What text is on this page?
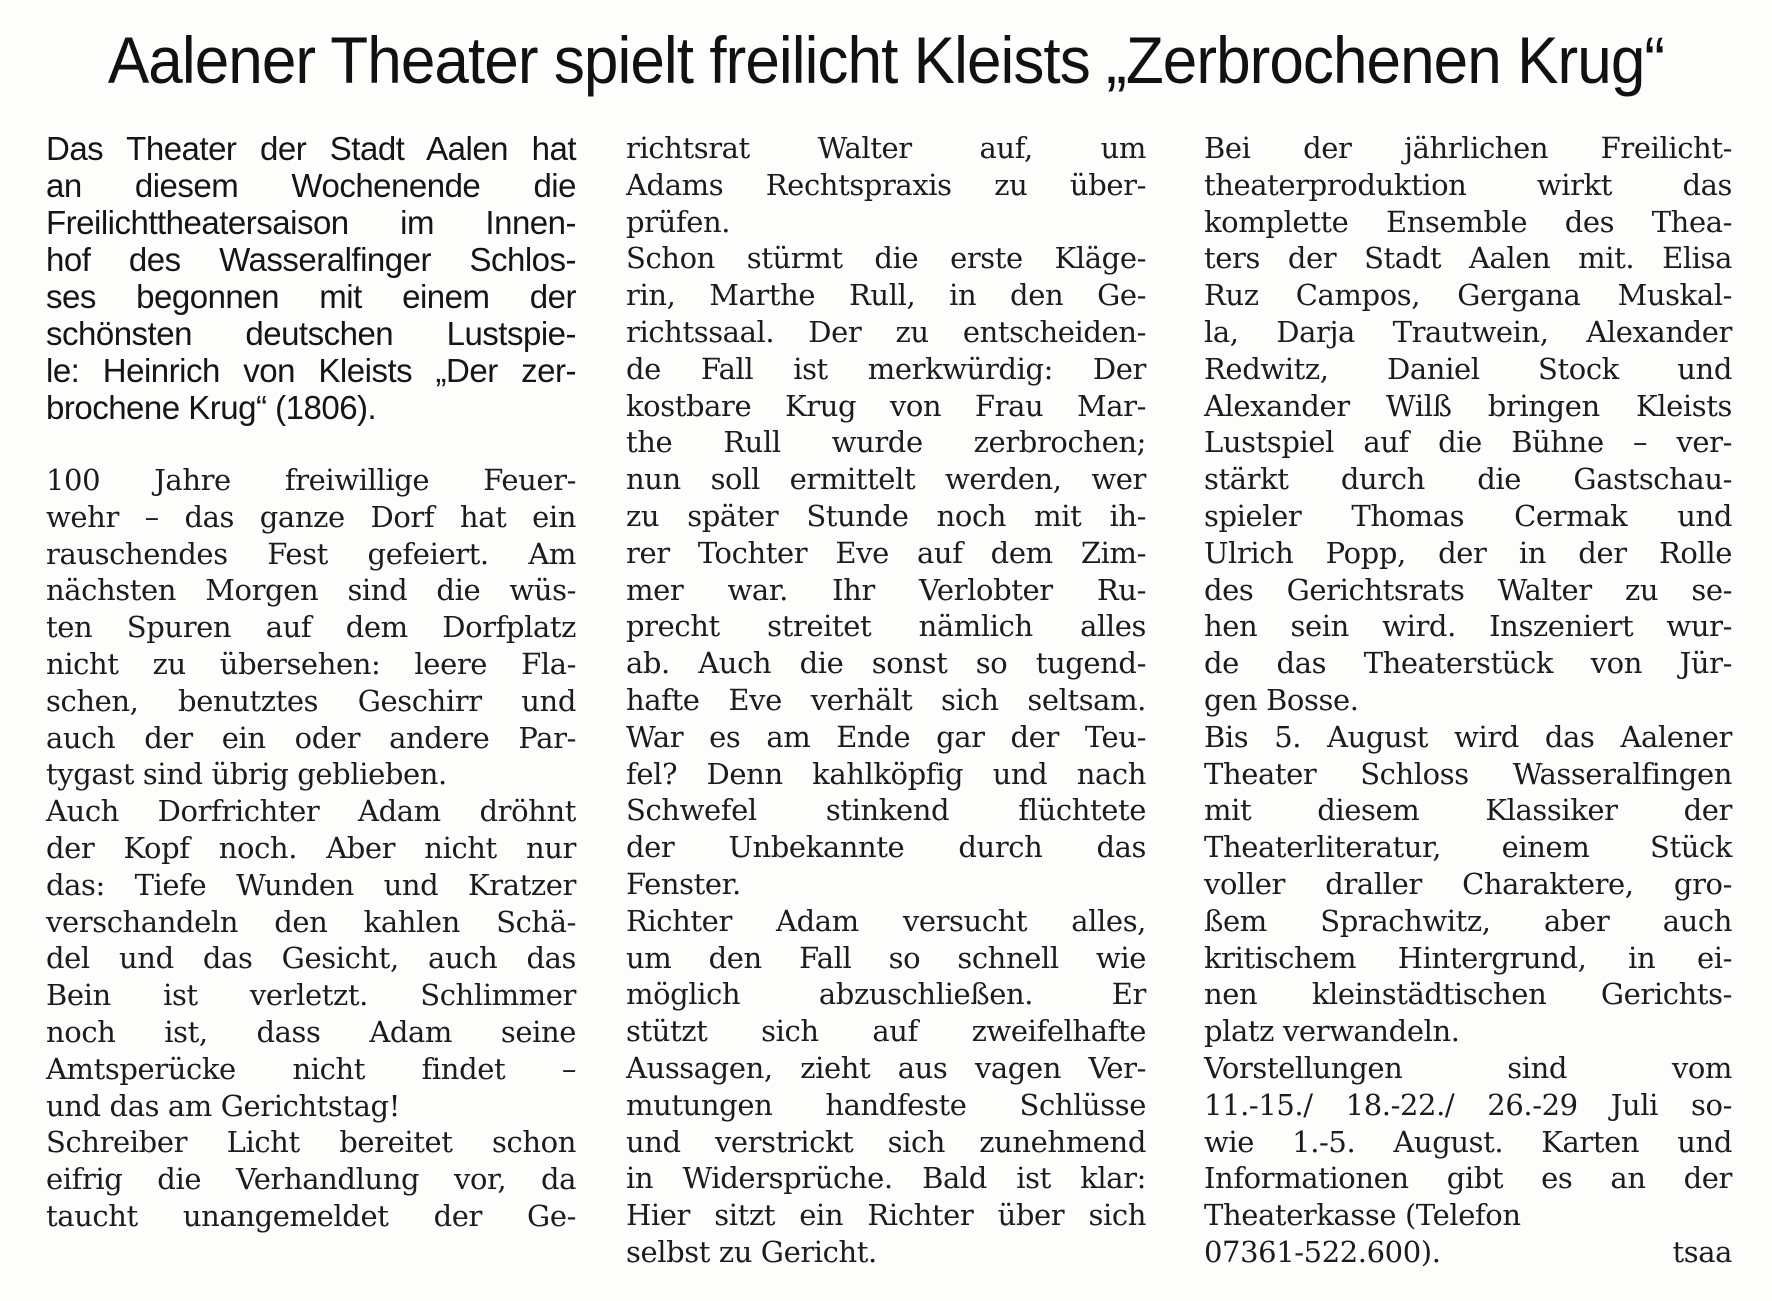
Aalener Theater spielt freilicht Kleists „Zerbrochenen Krug“
Das Theater der Stadt Aalen hat
an diesem Wochenende die
Freilichttheatersaison im Innen-
hof des Wasseralfinger Schlos-
ses begonnen mit einem der
schönsten deutschen Lustspie-
le: Heinrich von Kleists „Der zer-
brochene Krug“ (1806).
100 Jahre freiwillige Feuer-
wehr – das ganze Dorf hat ein
rauschendes Fest gefeiert. Am
nächsten Morgen sind die wüs-
ten Spuren auf dem Dorfplatz
nicht zu übersehen: leere Fla-
schen, benutztes Geschirr und
auch der ein oder andere Par-
tygast sind übrig geblieben.
Auch Dorfrichter Adam dröhnt
der Kopf noch. Aber nicht nur
das: Tiefe Wunden und Kratzer
verschandeln den kahlen Schä-
del und das Gesicht, auch das
Bein ist verletzt. Schlimmer
noch ist, dass Adam seine
Amtsperücke nicht findet –
und das am Gerichtstag!
Schreiber Licht bereitet schon
eifrig die Verhandlung vor, da
taucht unangemeldet der Ge-
richtsrat Walter auf, um
Adams Rechtspraxis zu über-
prüfen.
Schon stürmt die erste Kläge-
rin, Marthe Rull, in den Ge-
richtssaal. Der zu entscheiden-
de Fall ist merkwürdig: Der
kostbare Krug von Frau Mar-
the Rull wurde zerbrochen;
nun soll ermittelt werden, wer
zu später Stunde noch mit ih-
rer Tochter Eve auf dem Zim-
mer war. Ihr Verlobter Ru-
precht streitet nämlich alles
ab. Auch die sonst so tugend-
hafte Eve verhält sich seltsam.
War es am Ende gar der Teu-
fel? Denn kahlköpfig und nach
Schwefel stinkend flüchtete
der Unbekannte durch das
Fenster.
Richter Adam versucht alles,
um den Fall so schnell wie
möglich abzuschließen. Er
stützt sich auf zweifelhafte
Aussagen, zieht aus vagen Ver-
mutungen handfeste Schlüsse
und verstrickt sich zunehmend
in Widersprüche. Bald ist klar:
Hier sitzt ein Richter über sich
selbst zu Gericht.
Bei der jährlichen Freilicht-
theaterproduktion wirkt das
komplette Ensemble des Thea-
ters der Stadt Aalen mit. Elisa
Ruz Campos, Gergana Muskal-
la, Darja Trautwein, Alexander
Redwitz, Daniel Stock und
Alexander Wilß bringen Kleists
Lustspiel auf die Bühne – ver-
stärkt durch die Gastschau-
spieler Thomas Cermak und
Ulrich Popp, der in der Rolle
des Gerichtsrats Walter zu se-
hen sein wird. Inszeniert wur-
de das Theaterstück von Jür-
gen Bosse.
Bis 5. August wird das Aalener
Theater Schloss Wasseralfingen
mit diesem Klassiker der
Theaterliteratur, einem Stück
voller draller Charaktere, gro-
ßem Sprachwitz, aber auch
kritischem Hintergrund, in ei-
nen kleinstädtischen Gerichts-
platz verwandeln.
Vorstellungen sind vom
11.-15./ 18.-22./ 26.-29 Juli so-
wie 1.-5. August. Karten und
Informationen gibt es an der
Theaterkasse (Telefon
07361-522.600).	tsaa
